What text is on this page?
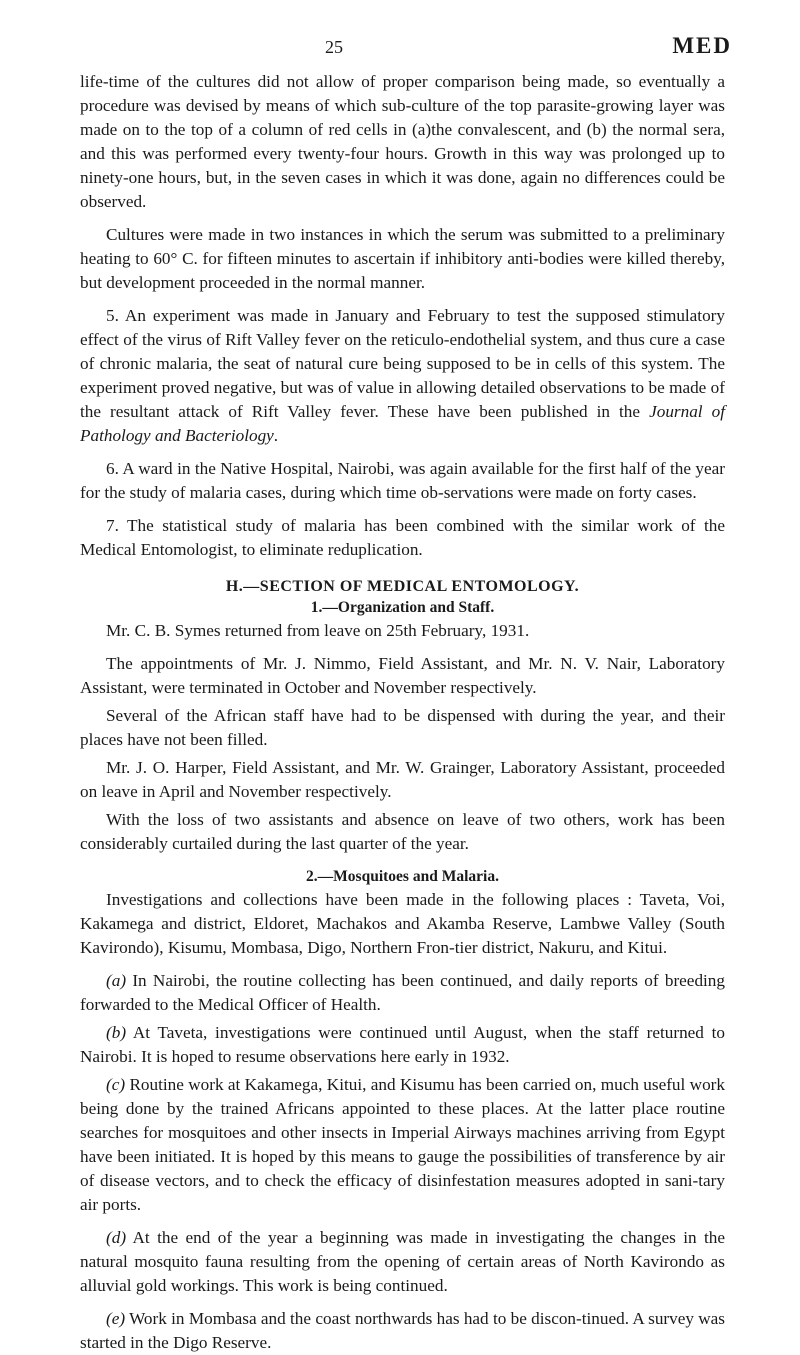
25	MED

life-time of the cultures did not allow of proper comparison being made, so eventually a procedure was devised by means of which sub-culture of the top parasite-growing layer was made on to the top of a column of red cells in (a)the convalescent, and (b) the normal sera, and this was performed every twenty-four hours. Growth in this way was prolonged up to ninety-one hours, but, in the seven cases in which it was done, again no differences could be observed.

Cultures were made in two instances in which the serum was submitted to a preliminary heating to 60° C. for fifteen minutes to ascertain if inhibitory anti-bodies were killed thereby, but development proceeded in the normal manner.

5. An experiment was made in January and February to test the supposed stimulatory effect of the virus of Rift Valley fever on the reticulo-endothelial system, and thus cure a case of chronic malaria, the seat of natural cure being supposed to be in cells of this system. The experiment proved negative, but was of value in allowing detailed observations to be made of the resultant attack of Rift Valley fever. These have been published in the Journal of Pathology and Bacteriology.

6. A ward in the Native Hospital, Nairobi, was again available for the first half of the year for the study of malaria cases, during which time ob-servations were made on forty cases.

7. The statistical study of malaria has been combined with the similar work of the Medical Entomologist, to eliminate reduplication.

H.—SECTION OF MEDICAL ENTOMOLOGY.
1.—Organization and Staff.

Mr. C. B. Symes returned from leave on 25th February, 1931.

The appointments of Mr. J. Nimmo, Field Assistant, and Mr. N. V. Nair, Laboratory Assistant, were terminated in October and November respectively.

Several of the African staff have had to be dispensed with during the year, and their places have not been filled.

Mr. J. O. Harper, Field Assistant, and Mr. W. Grainger, Laboratory Assistant, proceeded on leave in April and November respectively.

With the loss of two assistants and absence on leave of two others, work has been considerably curtailed during the last quarter of the year.

2.—Mosquitoes and Malaria.

Investigations and collections have been made in the following places : Taveta, Voi, Kakamega and district, Eldoret, Machakos and Akamba Reserve, Lambwe Valley (South Kavirondo), Kisumu, Mombasa, Digo, Northern Fron-tier district, Nakuru, and Kitui.

(a) In Nairobi, the routine collecting has been continued, and daily reports of breeding forwarded to the Medical Officer of Health.

(b) At Taveta, investigations were continued until August, when the staff returned to Nairobi. It is hoped to resume observations here early in 1932.

(c) Routine work at Kakamega, Kitui, and Kisumu has been carried on, much useful work being done by the trained Africans appointed to these places. At the latter place routine searches for mosquitoes and other insects in Imperial Airways machines arriving from Egypt have been initiated. It is hoped by this means to gauge the possibilities of transference by air of disease vectors, and to check the efficacy of disinfestation measures adopted in sani-tary air ports.

(d) At the end of the year a beginning was made in investigating the changes in the natural mosquito fauna resulting from the opening of certain areas of North Kavirondo as alluvial gold workings. This work is being continued.

(e) Work in Mombasa and the coast northwards has had to be discon-tinued. A survey was started in the Digo Reserve.
